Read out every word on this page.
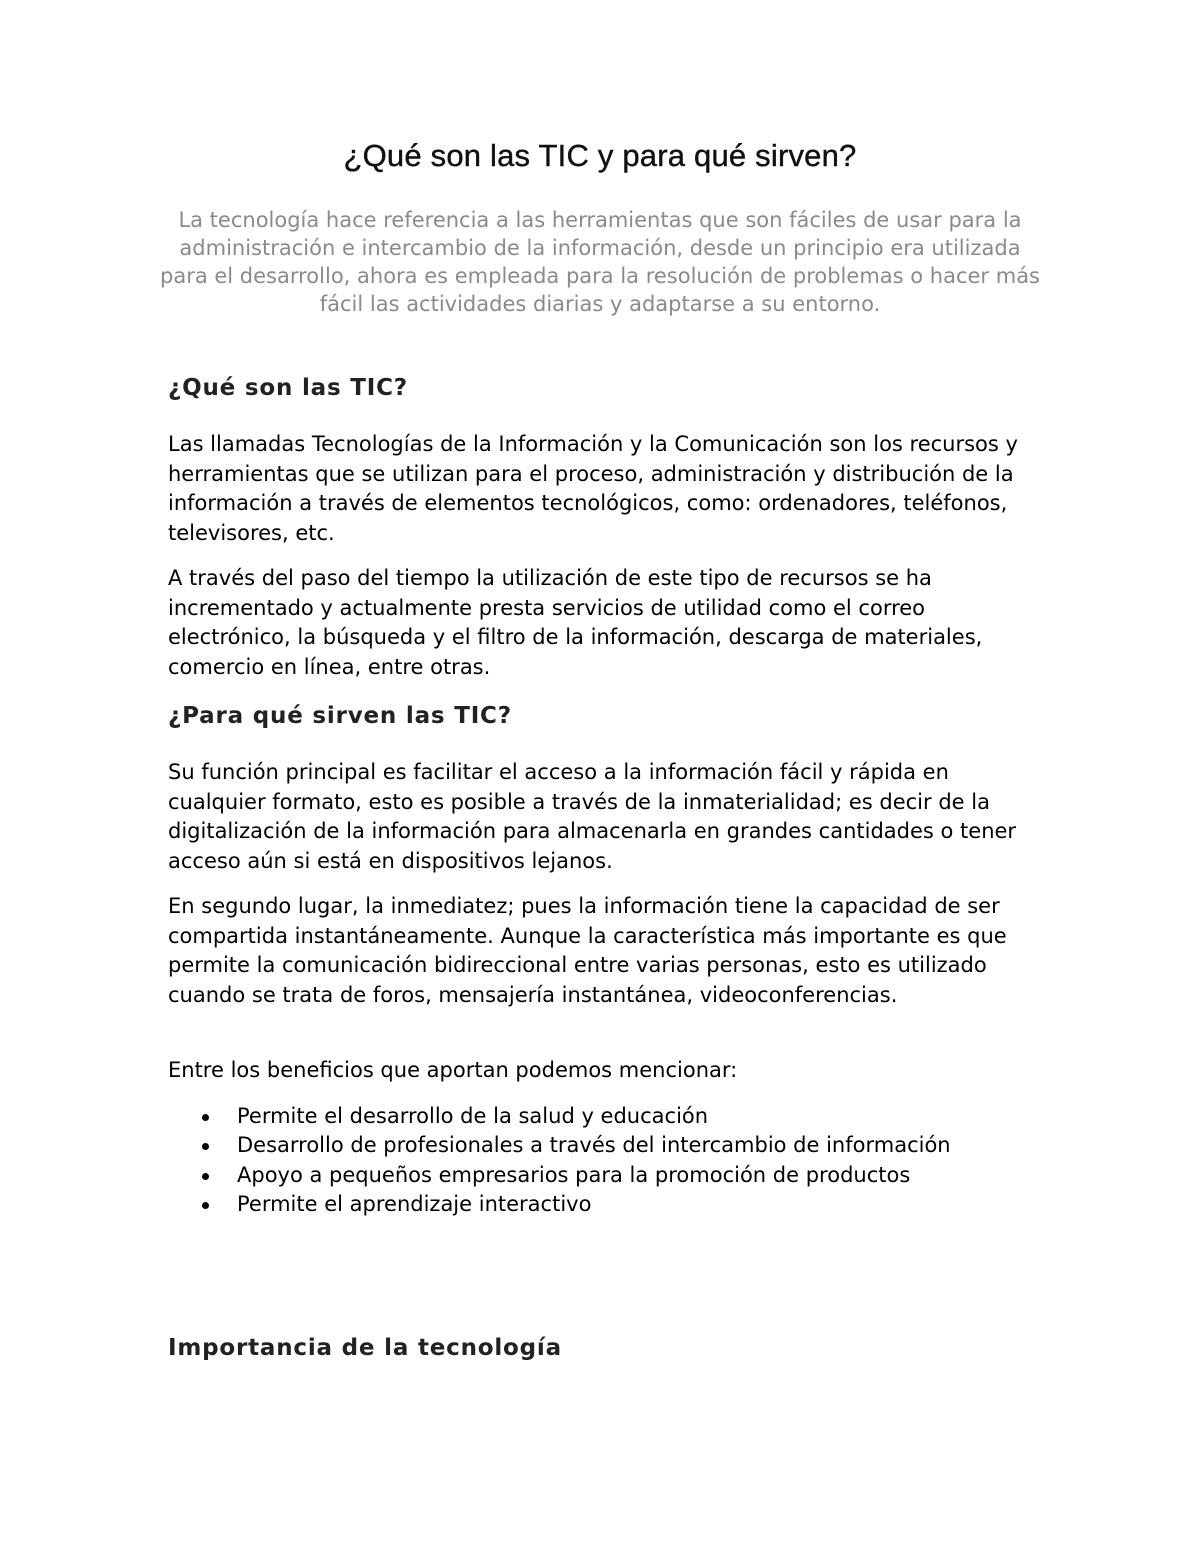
¿Qué son las TIC y para qué sirven?

La tecnología hace referencia a las herramientas que son fáciles de usar para la administración e intercambio de la información, desde un principio era utilizada para el desarrollo, ahora es empleada para la resolución de problemas o hacer más fácil las actividades diarias y adaptarse a su entorno.

¿Qué son las TIC?

Las llamadas Tecnologías de la Información y la Comunicación son los recursos y herramientas que se utilizan para el proceso, administración y distribución de la información a través de elementos tecnológicos, como: ordenadores, teléfonos, televisores, etc.

A través del paso del tiempo la utilización de este tipo de recursos se ha incrementado y actualmente presta servicios de utilidad como el correo electrónico, la búsqueda y el filtro de la información, descarga de materiales, comercio en línea, entre otras.

¿Para qué sirven las TIC?

Su función principal es facilitar el acceso a la información fácil y rápida en cualquier formato, esto es posible a través de la inmaterialidad; es decir de la digitalización de la información para almacenarla en grandes cantidades o tener acceso aún si está en dispositivos lejanos.

En segundo lugar, la inmediatez; pues la información tiene la capacidad de ser compartida instantáneamente. Aunque la característica más importante es que permite la comunicación bidireccional entre varias personas, esto es utilizado cuando se trata de foros, mensajería instantánea, videoconferencias.

Entre los beneficios que aportan podemos mencionar:

Permite el desarrollo de la salud y educación
Desarrollo de profesionales a través del intercambio de información
Apoyo a pequeños empresarios para la promoción de productos
Permite el aprendizaje interactivo
Importancia de la tecnología
